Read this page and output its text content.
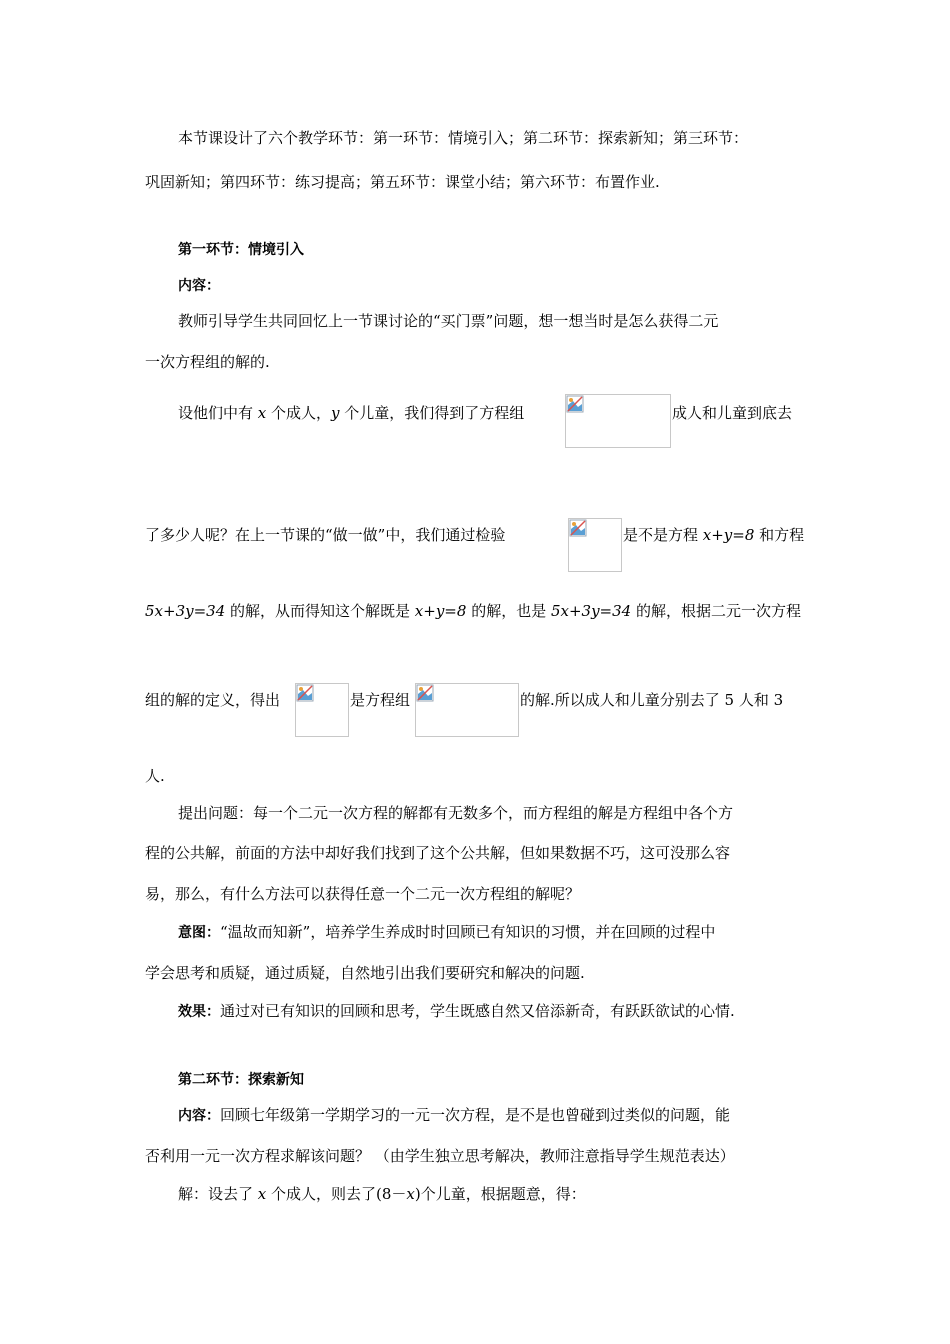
本节课设计了六个教学环节：第一环节：情境引入；第二环节：探索新知；第三环节：
巩固新知；第四环节：练习提高；第五环节：课堂小结；第六环节：布置作业.
第一环节：情境引入
内容：
教师引导学生共同回忆上一节课讨论的“买门票”问题，想一想当时是怎么获得二元
一次方程组的解的.
设他们中有 x 个成人，y 个儿童，我们得到了方程组	成人和儿童到底去
了多少人呢？在上一节课的“做一做”中，我们通过检验	是不是方程 x+y=8 和方程
5x+3y=34 的解，从而得知这个解既是 x+y=8 的解，也是 5x+3y=34 的解，根据二元一次方程
组的解的定义，得出	是方程组	的解.所以成人和儿童分别去了 5 人和 3
人.
提出问题：每一个二元一次方程的解都有无数多个，而方程组的解是方程组中各个方
程的公共解，前面的方法中却好我们找到了这个公共解，但如果数据不巧，这可没那么容
易，那么，有什么方法可以获得任意一个二元一次方程组的解呢？
意图：“温故而知新”，培养学生养成时时回顾已有知识的习惯，并在回顾的过程中
学会思考和质疑，通过质疑，自然地引出我们要研究和解决的问题.
效果：通过对已有知识的回顾和思考，学生既感自然又倍添新奇，有跃跃欲试的心情.
第二环节：探索新知
内容：回顾七年级第一学期学习的一元一次方程，是不是也曾碰到过类似的问题，能
否利用一元一次方程求解该问题？ （由学生独立思考解决，教师注意指导学生规范表达）
解：设去了 x 个成人，则去了(8－x)个儿童，根据题意，得：
